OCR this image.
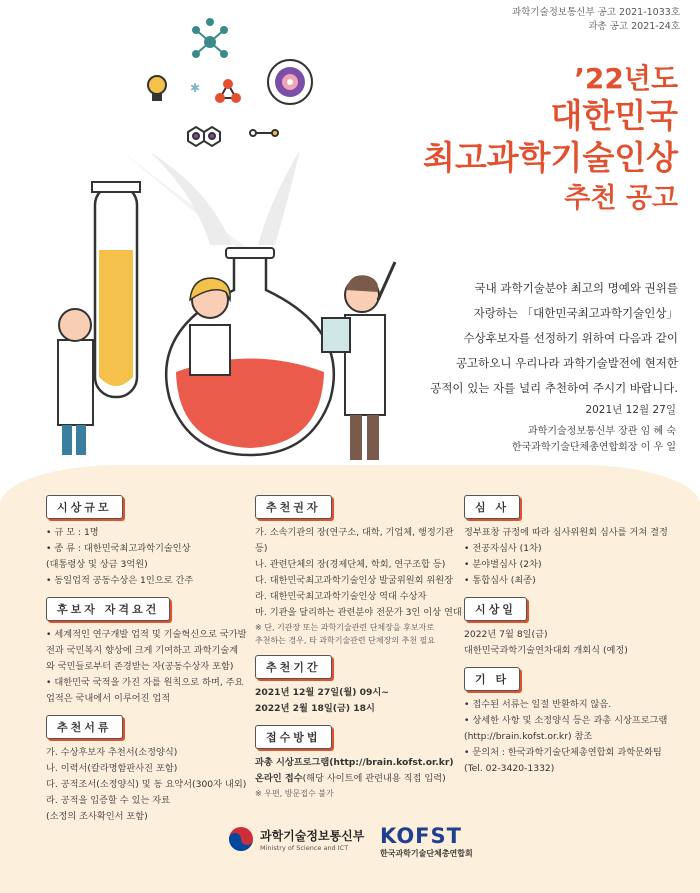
과학기술정보통신부 공고 2021-1033호
과총 공고 2021-24호
✱	’22년도
대한민국
최고과학기술인상
추천 공고
국내 과학기술분야 최고의 명예와 권위를
자랑하는 「대한민국최고과학기술인상」
수상후보자를 선정하기 위하여 다음과 같이
공고하오니 우리나라 과학기술발전에 현저한
공적이 있는 자를 널리 추천하여 주시기 바랍니다.
2021년 12월 27일
과학기술정보통신부 장관 임 혜 숙
한국과학기술단체총연합회장 이 우 일
시상규모
• 규 모 : 1명
• 종 류 : 대한민국최고과학기술인상
(대통령상 및 상금 3억원)
• 동일업적 공동수상은 1인으로 간주
후보자 자격요건
• 세계적인 연구개발 업적 및 기술혁신으로 국가발
전과 국민복지 향상에 크게 기여하고 과학기술계
와 국민들로부터 존경받는 자(공동수상자 포함)
• 대한민국 국적을 가진 자를 원칙으로 하며, 주요
업적은 국내에서 이루어진 업적
추천서류
가. 수상후보자 추천서(소정양식)
나. 이력서(칼라명함판사진 포함)
다. 공적조서(소정양식) 및 동 요약서(300자 내외)
라. 공적을 입증할 수 있는 자료
(소정의 조사확인서 포함)
추천권자
가. 소속기관의 장(연구소, 대학, 기업체, 행정기관 등)
나. 관련단체의 장(경제단체, 학회, 연구조합 등)
다. 대한민국최고과학기술인상 발굴위원회 위원장
라. 대한민국최고과학기술인상 역대 수상자
마. 기관을 달리하는 관련분야 전문가 3인 이상 연대
※ 단, 기관장 또는 과학기술관련 단체장을 후보자로
추천하는 경우, 타 과학기술관련 단체장의 추천 필요
추천기간
2021년 12월 27일(월) 09시~
2022년 2월 18일(금) 18시
접수방법
과총 시상프로그램(http://brain.kofst.or.kr)
온라인 접수(해당 사이트에 관련내용 직접 입력)
※ 우편, 방문접수 불가
심 사
정부표창 규정에 따라 심사위원회 심사를 거쳐 결정
• 전공자심사 (1차)
• 분야별심사 (2차)
• 통합심사 (최종)
시상일
2022년 7월 8일(금)
대한민국과학기술연차대회 개회식 (예정)
기 타
• 접수된 서류는 일절 반환하지 않음.
• 상세한 사항 및 소정양식 등은 과총 시상프로그램
(http://brain.kofst.or.kr) 참조
• 문의처 : 한국과학기술단체총연합회 과학문화팀
(Tel. 02-3420-1332)
과학기술정보통신부
Ministry of Science and ICT	KOFST
한국과학기술단체총연합회
